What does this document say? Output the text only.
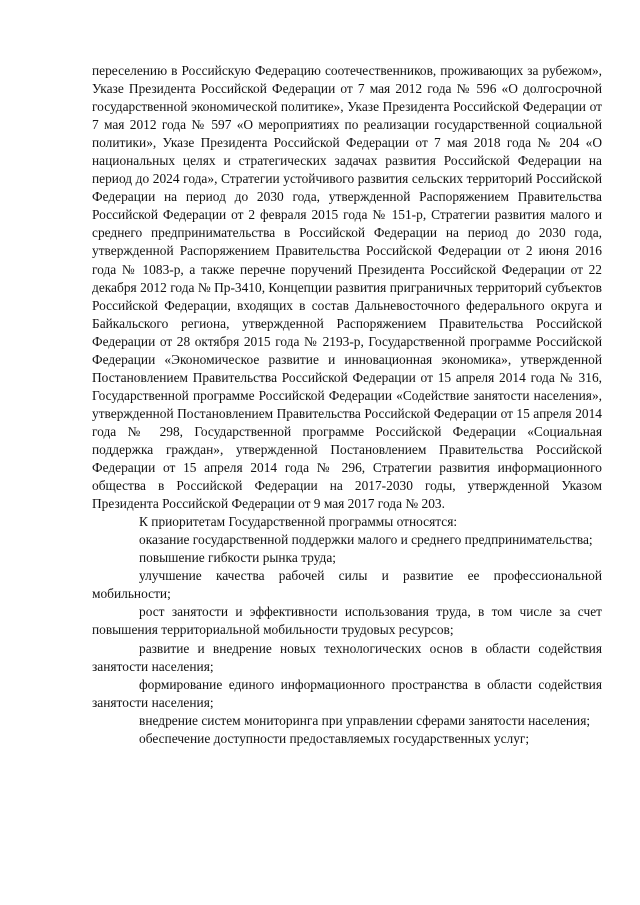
переселению в Российскую Федерацию соотечественников, проживающих за рубежом», Указе Президента Российской Федерации от 7 мая 2012 года № 596 «О долгосрочной государственной экономической политике», Указе Президента Российской Федерации от 7 мая 2012 года № 597 «О мероприятиях по реализации государственной социальной политики», Указе Президента Российской Федерации от 7 мая 2018 года № 204 «О национальных целях и стратегических задачах развития Российской Федерации на период до 2024 года», Стратегии устойчивого развития сельских территорий Российской Федерации на период до 2030 года, утвержденной Распоряжением Правительства Российской Федерации от 2 февраля 2015 года № 151-р, Стратегии развития малого и среднего предпринимательства в Российской Федерации на период до 2030 года, утвержденной Распоряжением Правительства Российской Федерации от 2 июня 2016 года № 1083-р, а также перечне поручений Президента Российской Федерации от 22 декабря 2012 года № Пр-3410, Концепции развития приграничных территорий субъектов Российской Федерации, входящих в состав Дальневосточного федерального округа и Байкальского региона, утвержденной Распоряжением Правительства Российской Федерации от 28 октября 2015 года № 2193-р, Государственной программе Российской Федерации «Экономическое развитие и инновационная экономика», утвержденной Постановлением Правительства Российской Федерации от 15 апреля 2014 года № 316, Государственной программе Российской Федерации «Содействие занятости населения», утвержденной Постановлением Правительства Российской Федерации от 15 апреля 2014 года № 298, Государственной программе Российской Федерации «Социальная поддержка граждан», утвержденной Постановлением Правительства Российской Федерации от 15 апреля 2014 года № 296, Стратегии развития информационного общества в Российской Федерации на 2017-2030 годы, утвержденной Указом Президента Российской Федерации от 9 мая 2017 года № 203.

К приоритетам Государственной программы относятся:

оказание государственной поддержки малого и среднего предпринимательства;

повышение гибкости рынка труда;

улучшение качества рабочей силы и развитие ее профессиональной мобильности;

рост занятости и эффективности использования труда, в том числе за счет повышения территориальной мобильности трудовых ресурсов;

развитие и внедрение новых технологических основ в области содействия занятости населения;

формирование единого информационного пространства в области содействия занятости населения;

внедрение систем мониторинга при управлении сферами занятости населения;

обеспечение доступности предоставляемых государственных услуг;
